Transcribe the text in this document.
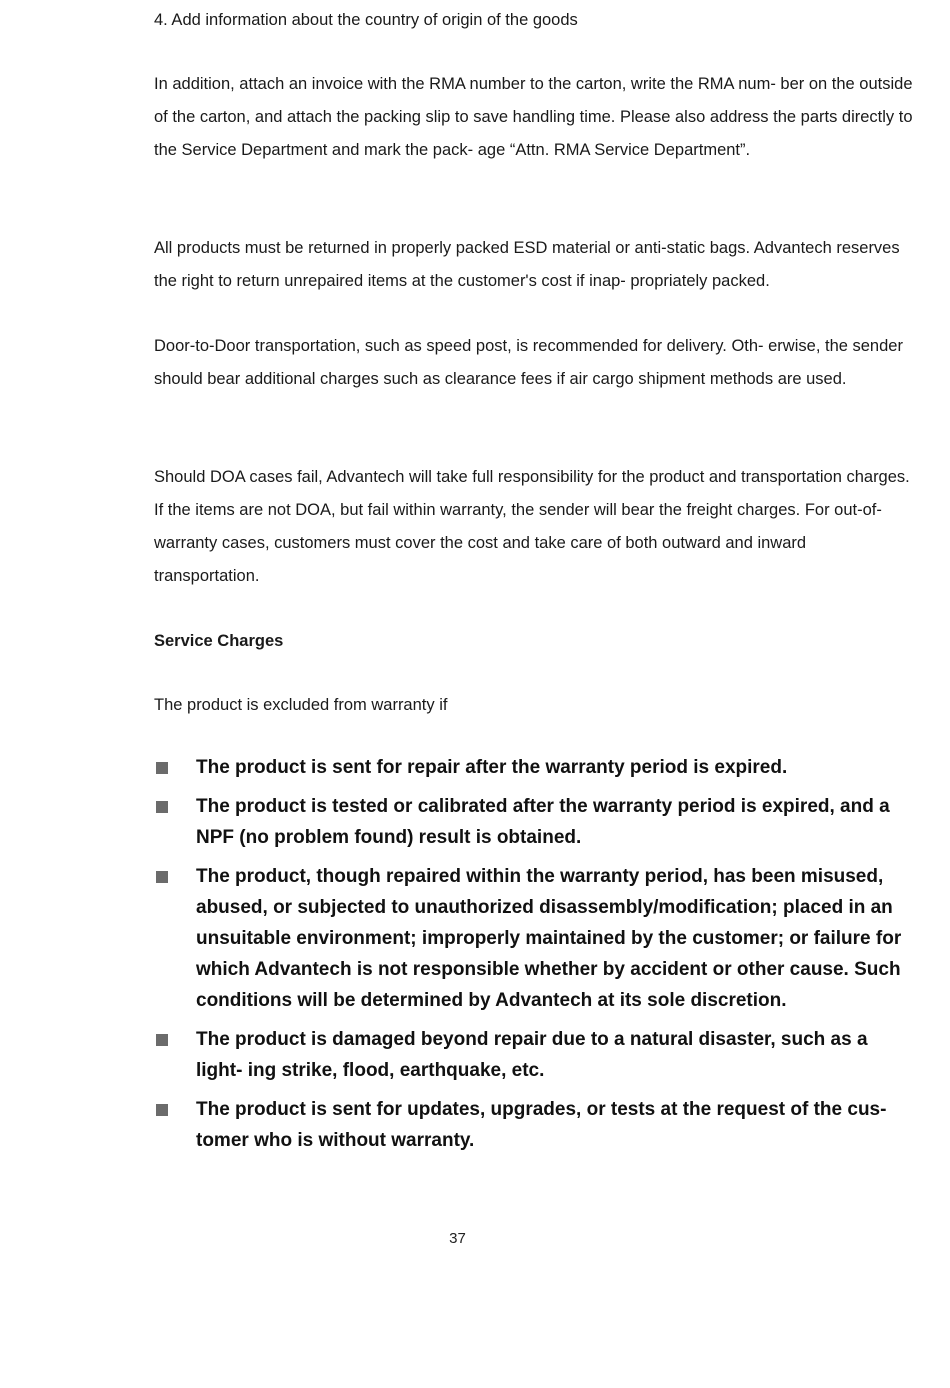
4. Add information about the country of origin of the goods

In addition, attach an invoice with the RMA number to the carton, write the RMA num- ber on the outside of the carton, and attach the packing slip to save handling time. Please also address the parts directly to the Service Department and mark the pack- age “Attn. RMA Service Department”.

All products must be returned in properly packed ESD material or anti-static bags. Advantech reserves the right to return unrepaired items at the customer's cost if inap- propriately packed.

Door-to-Door transportation, such as speed post, is recommended for delivery. Oth- erwise, the sender should bear additional charges such as clearance fees if air cargo shipment methods are used.

Should DOA cases fail, Advantech will take full responsibility for the product and transportation charges. If the items are not DOA, but fail within warranty, the sender will bear the freight charges. For out-of-warranty cases, customers must cover the cost and take care of both outward and inward transportation.

Service Charges

The product is excluded from warranty if

The product is sent for repair after the warranty period is expired.
The product is tested or calibrated after the warranty period is expired, and a NPF (no problem found) result is obtained.
The product, though repaired within the warranty period, has been misused, abused, or subjected to unauthorized disassembly/modification; placed in an unsuitable environment; improperly maintained by the customer; or failure for which Advantech is not responsible whether by accident or other cause. Such conditions will be determined by Advantech at its sole discretion.
The product is damaged beyond repair due to a natural disaster, such as a light- ing strike, flood, earthquake, etc.
The product is sent for updates, upgrades, or tests at the request of the cus- tomer who is without warranty.
37
